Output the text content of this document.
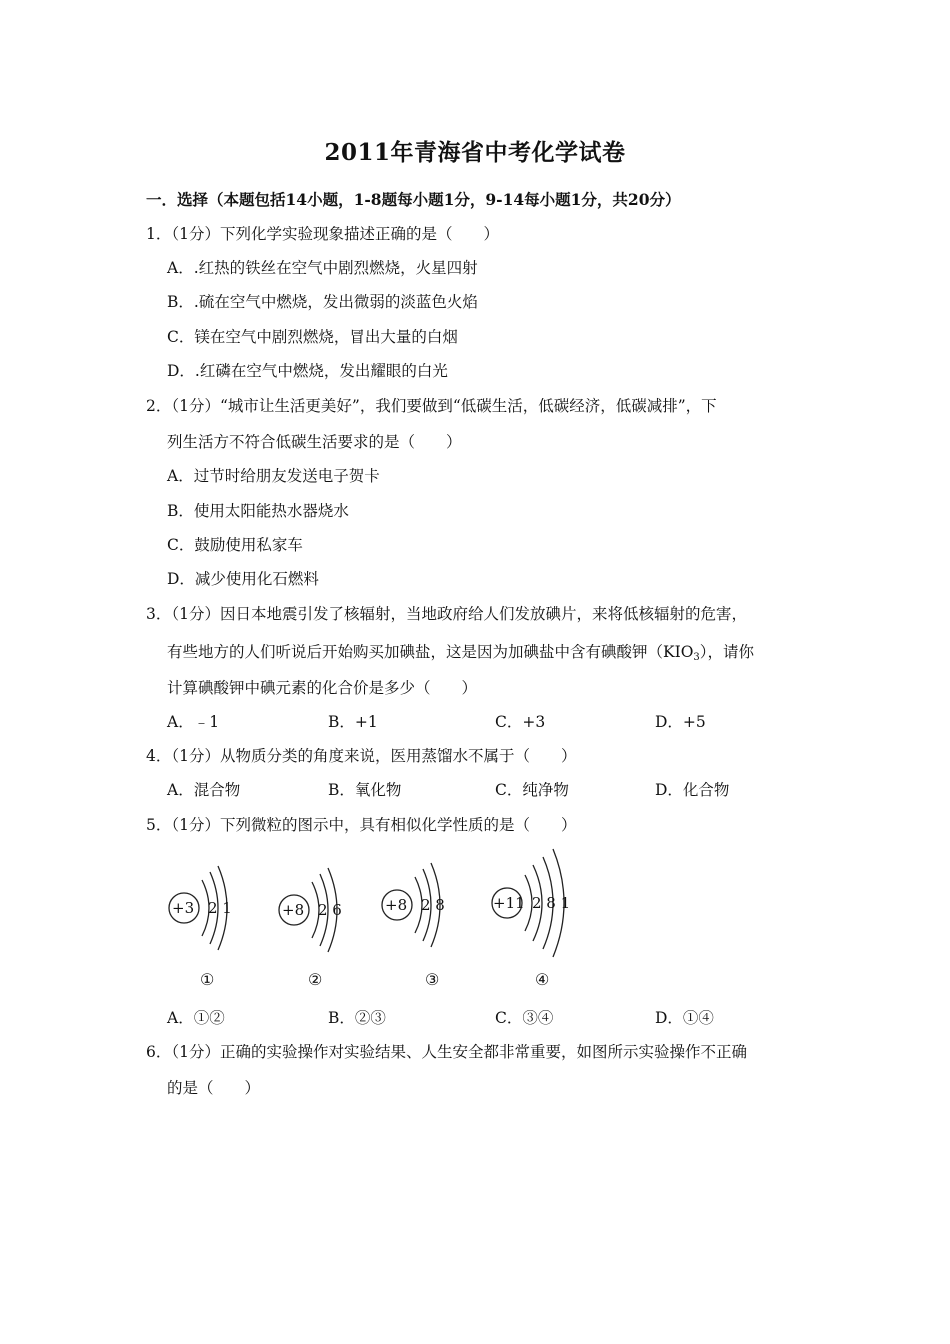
2011年青海省中考化学试卷
一．选择（本题包括14小题，1-8题每小题1分，9-14每小题1分，共20分）
1．（1分）下列化学实验现象描述正确的是（　　）
A．.红热的铁丝在空气中剧烈燃烧，火星四射
B．.硫在空气中燃烧，发出微弱的淡蓝色火焰
C．镁在空气中剧烈燃烧，冒出大量的白烟
D．.红磷在空气中燃烧，发出耀眼的白光
2．（1分）“城市让生活更美好”，我们要做到“低碳生活，低碳经济，低碳减排”，下
列生活方不符合低碳生活要求的是（　　）
A．过节时给朋友发送电子贺卡
B．使用太阳能热水器烧水
C．鼓励使用私家车
D．减少使用化石燃料
3．（1分）因日本地震引发了核辐射，当地政府给人们发放碘片，来将低核辐射的危害，
有些地方的人们听说后开始购买加碘盐，这是因为加碘盐中含有碘酸钾$(KIO_3)$，请你
计算碘酸钾中碘元素的化合价是多少（　　）
A．﹣1	B．+1	C．+3	D．+5
4．（1分）从物质分类的角度来说，医用蒸馏水不属于（　　）
A．混合物	B．氧化物	C．纯净物	D．化合物
5．（1分）下列微粒的图示中，具有相似化学性质的是（　　）
+3 2 1	+8 2 6	+8 2 8	+11 2 8 1
①	②	③	④
A．①②	B．②③	C．③④	D．①④
6．（1分）正确的实验操作对实验结果、人生安全都非常重要，如图所示实验操作不正确
的是（　　）
